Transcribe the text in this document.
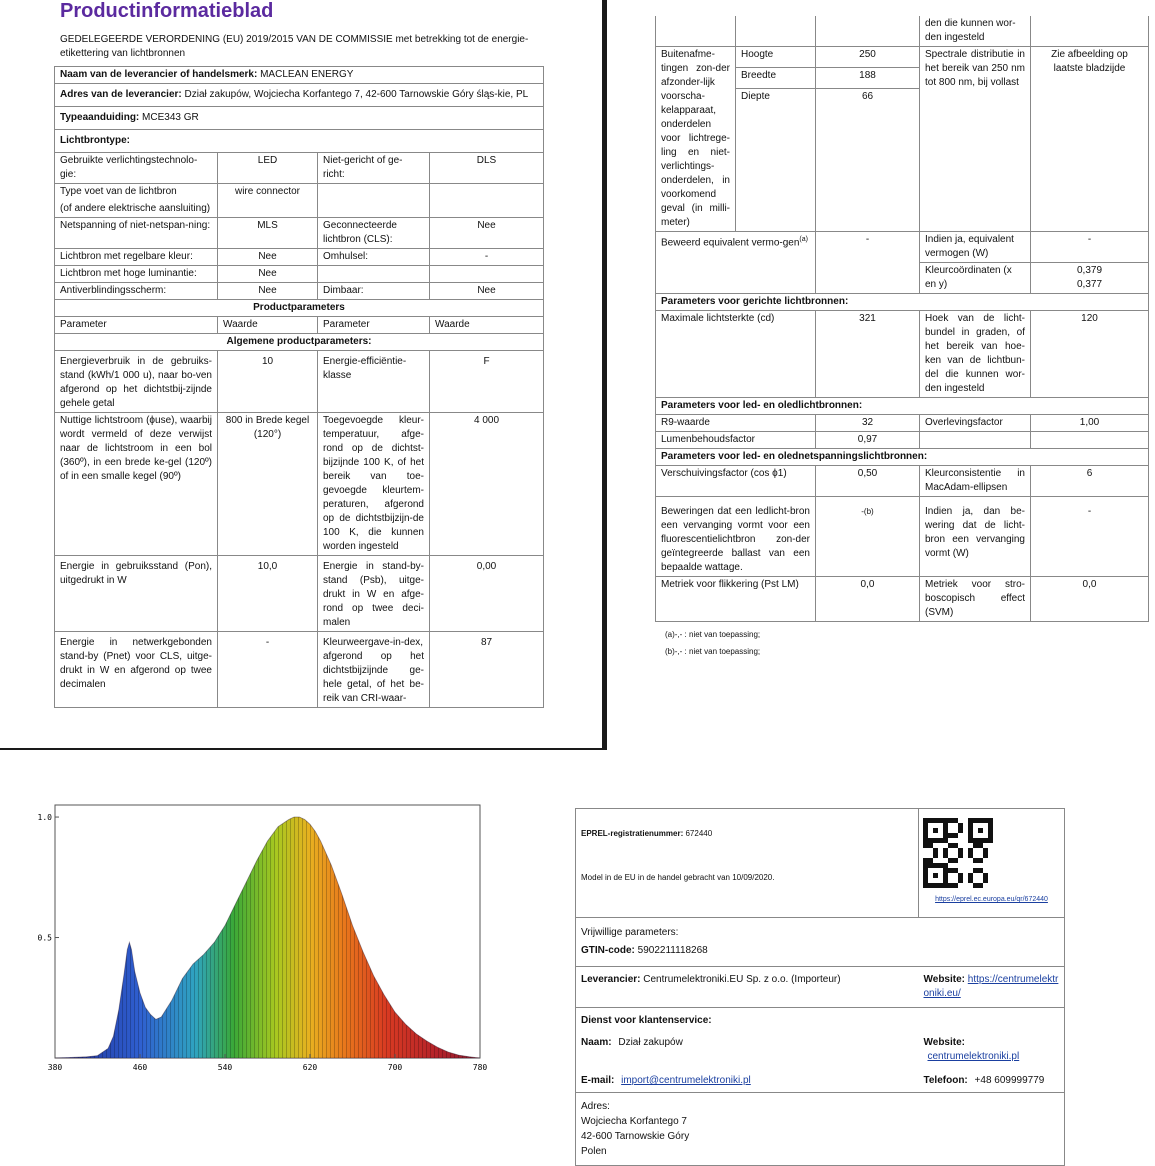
Productinformatieblad
GEDELEGEERDE VERORDENING (EU) 2019/2015 VAN DE COMMISSIE met betrekking tot de energie-etikettering van lichtbronnen
Naam van de leverancier of handelsmerk: MACLEAN ENERGY			
Adres van de leverancier: Dział zakupów, Wojciecha Korfantego 7, 42-600 Tarnowskie Góry śląs-kie, PL			
Typeaanduiding: MCE343 GR			
Lichtbrontype:			
Gebruikte verlichtingstechnolo-gie:	LED	Niet-gericht of ge-richt:	DLS

Type voet van de lichtbron
(of andere elektrische aansluiting)	wire connector		
Netspanning of niet-netspan-ning:	MLS	Geconnecteerde lichtbron (CLS):	Nee
Lichtbron met regelbare kleur:	Nee	Omhulsel:	-
Lichtbron met hoge luminantie:	Nee		
Antiverblindingsscherm:	Nee	Dimbaar:	Nee
Productparameters			
Parameter	Waarde	Parameter	Waarde
Algemene productparameters:			
Energieverbruik in de gebruiks-stand (kWh/1 000 u), naar bo-ven afgerond op het dichtstbij-zijnde gehele getal	10	Energie-efficiëntie-klasse	F
Nuttige lichtstroom (ϕuse), waarbij wordt vermeld of deze verwijst naar de lichtstroom in een bol (360º), in een brede ke-gel (120º) of in een smalle kegel (90º)	800 in Brede kegel (120°)	Toegevoegde kleur-temperatuur, afge-rond op de dichtst-bijzijnde 100 K, of het bereik van toe-gevoegde kleurtem-peraturen, afgerond op de dichtstbijzijn-de 100 K, die kunnen worden ingesteld	4 000
Energie in gebruiksstand (Pon), uitgedrukt in W	10,0	Energie in stand-by-stand (Psb), uitge-drukt in W en afge-rond op twee deci-malen	0,00
Energie in netwerkgebonden stand-by (Pnet) voor CLS, uitge-drukt in W en afgerond op twee decimalen	-	Kleurweergave-in-dex, afgerond op het dichtstbijzijnde ge-hele getal, of het be-reik van CRI-waar-	87
			den die kunnen wor-den ingesteld	
Buitenafme-tingen zon-der afzonder-lijk voorscha-kelapparaat, onderdelen voor lichtrege-ling en niet-verlichtings-onderdelen, in voorkomend geval (in milli-meter)	Hoogte	250	Spectrale distributie in het bereik van 250 nm tot 800 nm, bij vollast	Zie afbeelding op laatste bladzijde
	Breedte	188		
	Diepte	66		
Beweerd equivalent vermo-gen$^{(a)}$		-	Indien ja, equivalent vermogen (W)	-
			Kleurcoördinaten (x en y)	0,379
0,377

Parameters voor gerichte lichtbronnen:				
Maximale lichtsterkte (cd)		321	Hoek van de licht-bundel in graden, of het bereik van hoe-ken van de lichtbun-del die kunnen wor-den ingesteld	120
Parameters voor led- en oledlichtbronnen:				
R9-waarde		32	Overlevingsfactor	1,00
Lumenbehoudsfactor		0,97		
Parameters voor led- en olednetspanningslichtbronnen:				
Verschuivingsfactor (cos ϕ1)		0,50	Kleurconsistentie in MacAdam-ellipsen	6
Beweringen dat een ledlicht-bron een vervanging vormt voor een fluorescentielichtbron zon-der geïntegreerde ballast van een bepaalde wattage.		-(b)	Indien ja, dan be-wering dat de licht-bron een vervanging vormt (W)	-
Metriek voor flikkering (Pst LM)		0,0	Metriek voor stro-boscopisch effect (SVM)	0,0
(a)-,- : niet van toepassing;
(b)-,- : niet van toepassing;
380	460	540	620	700	780
0.5
1.0
EPREL-registratienummer: 672440
Model in de EU in de handel gebracht van 10/09/2020.	https://eprel.ec.europa.eu/qr/672440

Vrijwillige parameters:
GTIN-code: 5902211118268	

Leverancier: Centrumelektroniki.EU Sp. z o.o. (Importeur)	Website: https://centrumelektroniki.eu/
Dienst voor klantenservice:	
Naam: Dział zakupów	Website: centrumelektroniki.pl
E-mail: import@centrumelektroniki.pl	Telefoon: +48 609999779

Adres:
Wojciecha Korfantego 7
42-600 Tarnowskie Góry
Polen	
